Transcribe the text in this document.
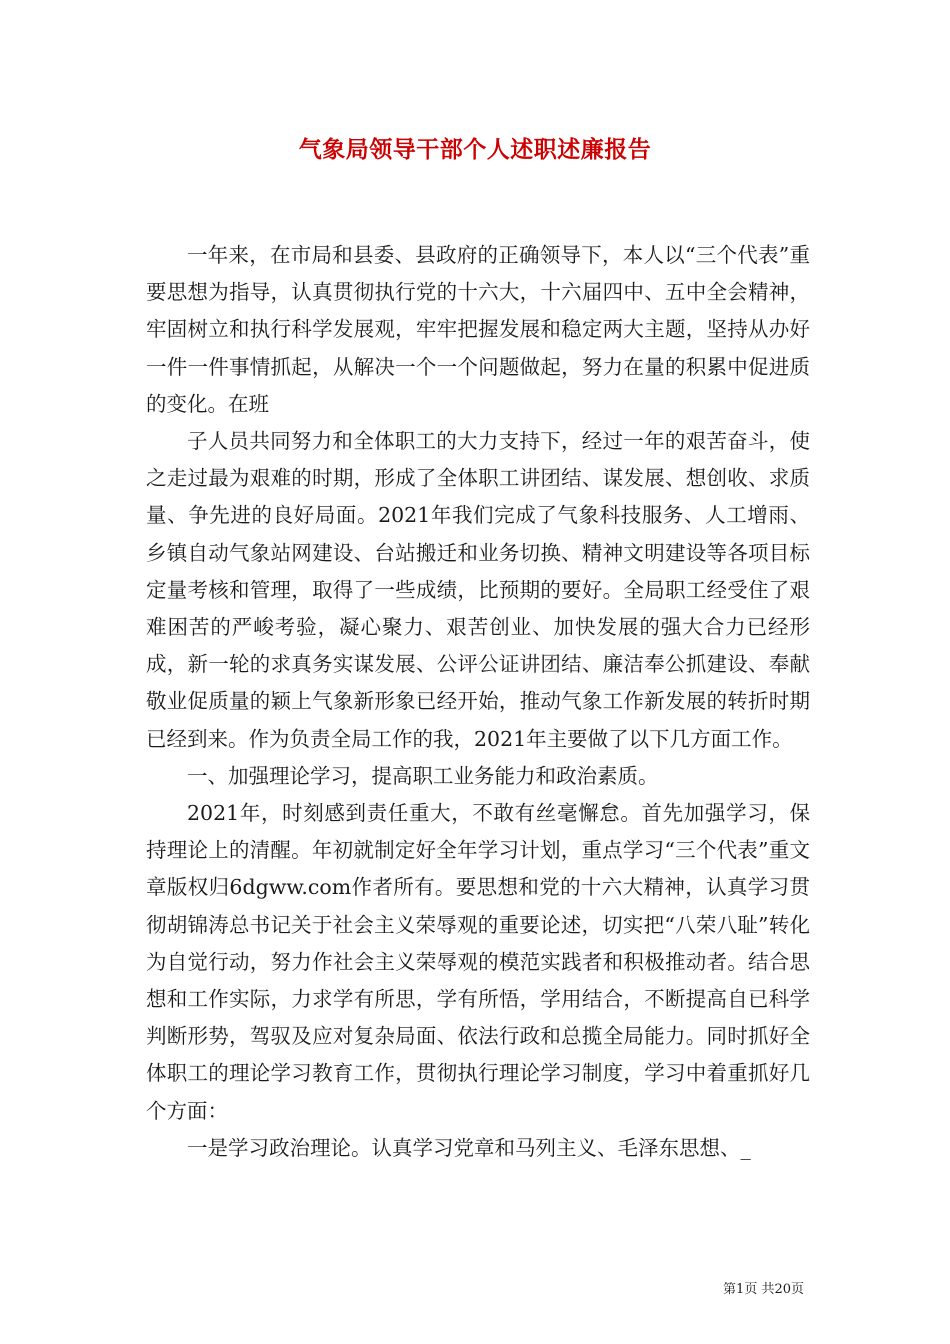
气象局领导干部个人述职述廉报告

一年来，在市局和县委、县政府的正确领导下，本人以“三个代表”重要思想为指导，认真贯彻执行党的十六大，十六届四中、五中全会精神，牢固树立和执行科学发展观，牢牢把握发展和稳定两大主题，坚持从办好一件一件事情抓起，从解决一个一个问题做起，努力在量的积累中促进质的变化。在班

子人员共同努力和全体职工的大力支持下，经过一年的艰苦奋斗，使之走过最为艰难的时期，形成了全体职工讲团结、谋发展、想创收、求质量、争先进的良好局面。2021年我们完成了气象科技服务、人工增雨、乡镇自动气象站网建设、台站搬迁和业务切换、精神文明建设等各项目标定量考核和管理，取得了一些成绩，比预期的要好。全局职工经受住了艰难困苦的严峻考验，凝心聚力、艰苦创业、加快发展的强大合力已经形成，新一轮的求真务实谋发展、公评公证讲团结、廉洁奉公抓建设、奉献敬业促质量的颖上气象新形象已经开始，推动气象工作新发展的转折时期已经到来。作为负责全局工作的我，2021年主要做了以下几方面工作。

一、加强理论学习，提高职工业务能力和政治素质。

2021年，时刻感到责任重大，不敢有丝毫懈怠。首先加强学习，保持理论上的清醒。年初就制定好全年学习计划，重点学习“三个代表”重文章版权归6dgww.com作者所有。要思想和党的十六大精神，认真学习贯彻胡锦涛总书记关于社会主义荣辱观的重要论述，切实把“八荣八耻”转化为自觉行动，努力作社会主义荣辱观的模范实践者和积极推动者。结合思想和工作实际，力求学有所思，学有所悟，学用结合，不断提高自已科学判断形势，驾驭及应对复杂局面、依法行政和总揽全局能力。同时抓好全体职工的理论学习教育工作，贯彻执行理论学习制度，学习中着重抓好几个方面：

一是学习政治理论。认真学习党章和马列主义、毛泽东思想、_

第1页 共20页
